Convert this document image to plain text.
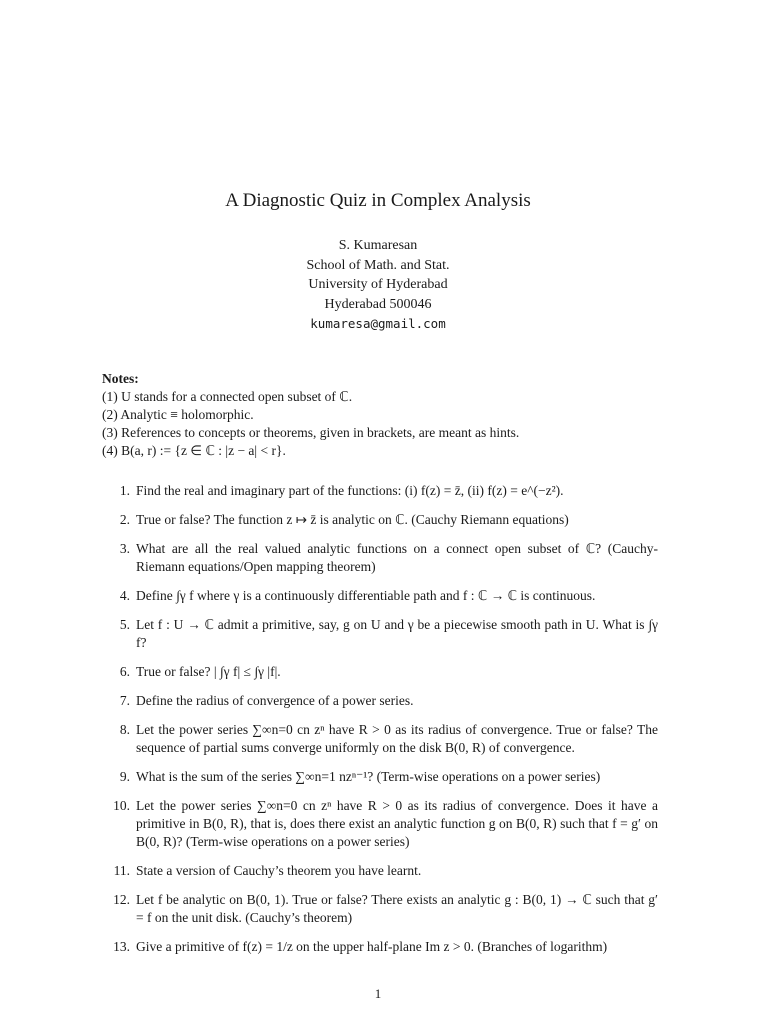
A Diagnostic Quiz in Complex Analysis
S. Kumaresan
School of Math. and Stat.
University of Hyderabad
Hyderabad 500046
kumaresa@gmail.com
Notes:
(1) U stands for a connected open subset of ℂ.
(2) Analytic ≡ holomorphic.
(3) References to concepts or theorems, given in brackets, are meant as hints.
(4) B(a, r) := {z ∈ ℂ : |z − a| < r}.
1. Find the real and imaginary part of the functions: (i) f(z) = z̄, (ii) f(z) = e^(−z²).
2. True or false? The function z ↦ z̄ is analytic on ℂ. (Cauchy Riemann equations)
3. What are all the real valued analytic functions on a connect open subset of ℂ? (Cauchy-Riemann equations/Open mapping theorem)
4. Define ∫γ f where γ is a continuously differentiable path and f : ℂ → ℂ is continuous.
5. Let f : U → ℂ admit a primitive, say, g on U and γ be a piecewise smooth path in U. What is ∫γ f?
6. True or false? | ∫γ f| ≤ ∫γ |f|.
7. Define the radius of convergence of a power series.
8. Let the power series ∑∞n=0 cn zⁿ have R > 0 as its radius of convergence. True or false? The sequence of partial sums converge uniformly on the disk B(0, R) of convergence.
9. What is the sum of the series ∑∞n=1 nzⁿ⁻¹? (Term-wise operations on a power series)
10. Let the power series ∑∞n=0 cn zⁿ have R > 0 as its radius of convergence. Does it have a primitive in B(0, R), that is, does there exist an analytic function g on B(0, R) such that f = g′ on B(0, R)? (Term-wise operations on a power series)
11. State a version of Cauchy’s theorem you have learnt.
12. Let f be analytic on B(0, 1). True or false? There exists an analytic g : B(0, 1) → ℂ such that g′ = f on the unit disk. (Cauchy’s theorem)
13. Give a primitive of f(z) = 1/z on the upper half-plane Im z > 0. (Branches of logarithm)
1
